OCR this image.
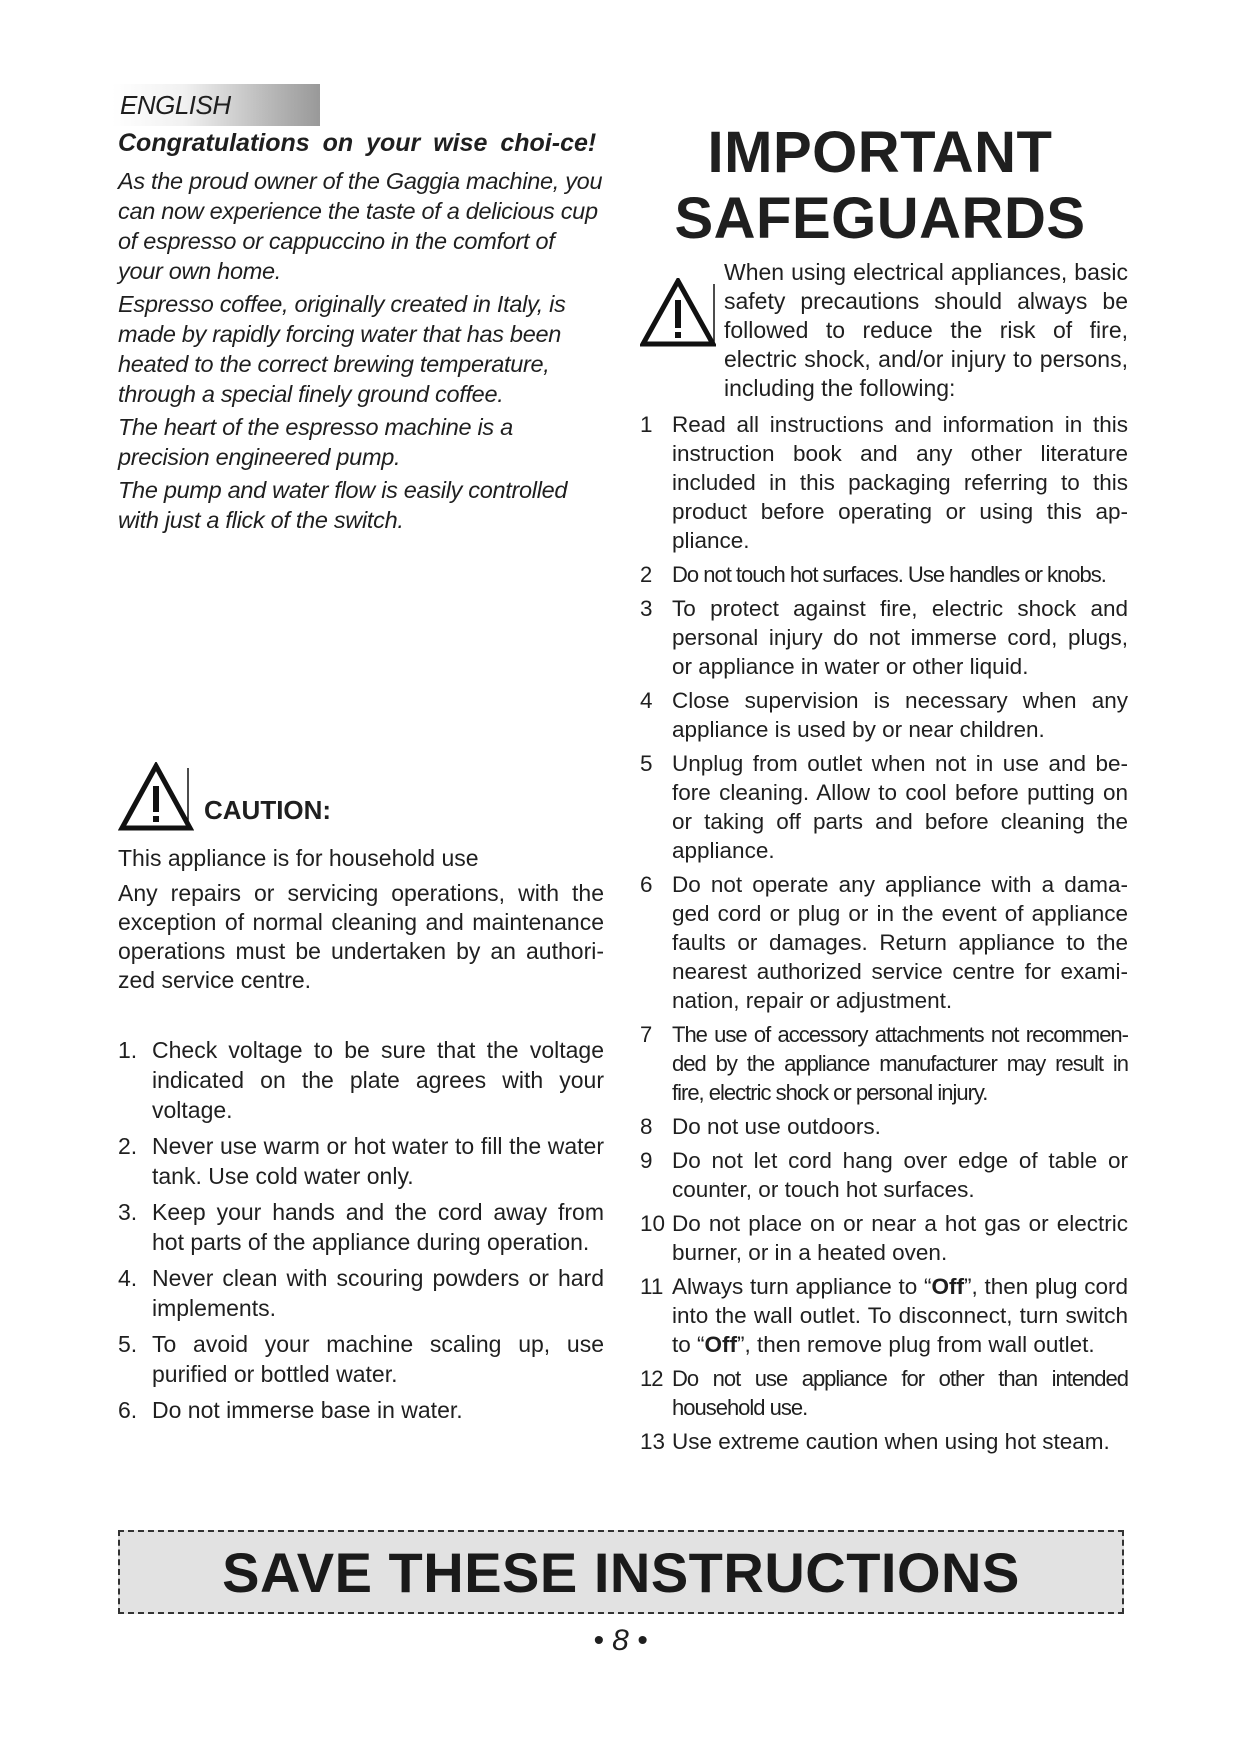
ENGLISH

Congratulations on your wise choi-ce!

As the proud owner of the Gaggia machine, you can now experience the taste of a delicious cup of espresso or cappuccino in the comfort of your own home.

Espresso coffee, originally created in Italy, is made by rapidly forcing water that has been heated to the correct brewing temperature, through a special finely ground coffee.

The heart of the espresso machine is a precision engineered pump.

The pump and water flow is easily controlled with just a flick of the switch.

CAUTION:

This appliance is for household use

Any repairs or servicing operations, with the exception of normal cleaning and maintenance operations must be undertaken by an authori-zed service centre.

1. Check voltage to be sure that the voltage indicated on the plate agrees with your voltage.
2. Never use warm or hot water to fill the water tank. Use cold water only.
3. Keep your hands and the cord away from hot parts of the appliance during operation.
4. Never clean with scouring powders or hard implements.
5. To avoid your machine scaling up, use purified or bottled water.
6. Do not immerse base in water.
IMPORTANT
SAFEGUARDS
When using electrical appliances, basic safety precautions should always be followed to reduce the risk of fire, electric shock, and/or injury to persons, including the following:
1 Read all instructions and information in this instruction book and any other literature included in this packaging referring to this product before operating or using this ap-pliance.
2 Do not touch hot surfaces. Use handles or knobs.
3 To protect against fire, electric shock and personal injury do not immerse cord, plugs, or appliance in water or other liquid.
4 Close supervision is necessary when any appliance is used by or near children.
5 Unplug from outlet when not in use and be-fore cleaning. Allow to cool before putting on or taking off parts and before cleaning the appliance.
6 Do not operate any appliance with a dama-ged cord or plug or in the event of appliance faults or damages. Return appliance to the nearest authorized service centre for exami-nation, repair or adjustment.
7 The use of accessory attachments not recommen-ded by the appliance manufacturer may result in fire, electric shock or personal injury.
8 Do not use outdoors.
9 Do not let cord hang over edge of table or counter, or touch hot surfaces.
10 Do not place on or near a hot gas or electric burner, or in a heated oven.
11 Always turn appliance to “Off”, then plug cord into the wall outlet. To disconnect, turn switch to “Off”, then remove plug from wall outlet.
12 Do not use appliance for other than intended household use.
13 Use extreme caution when using hot steam.
SAVE THESE INSTRUCTIONS
• 8 •
